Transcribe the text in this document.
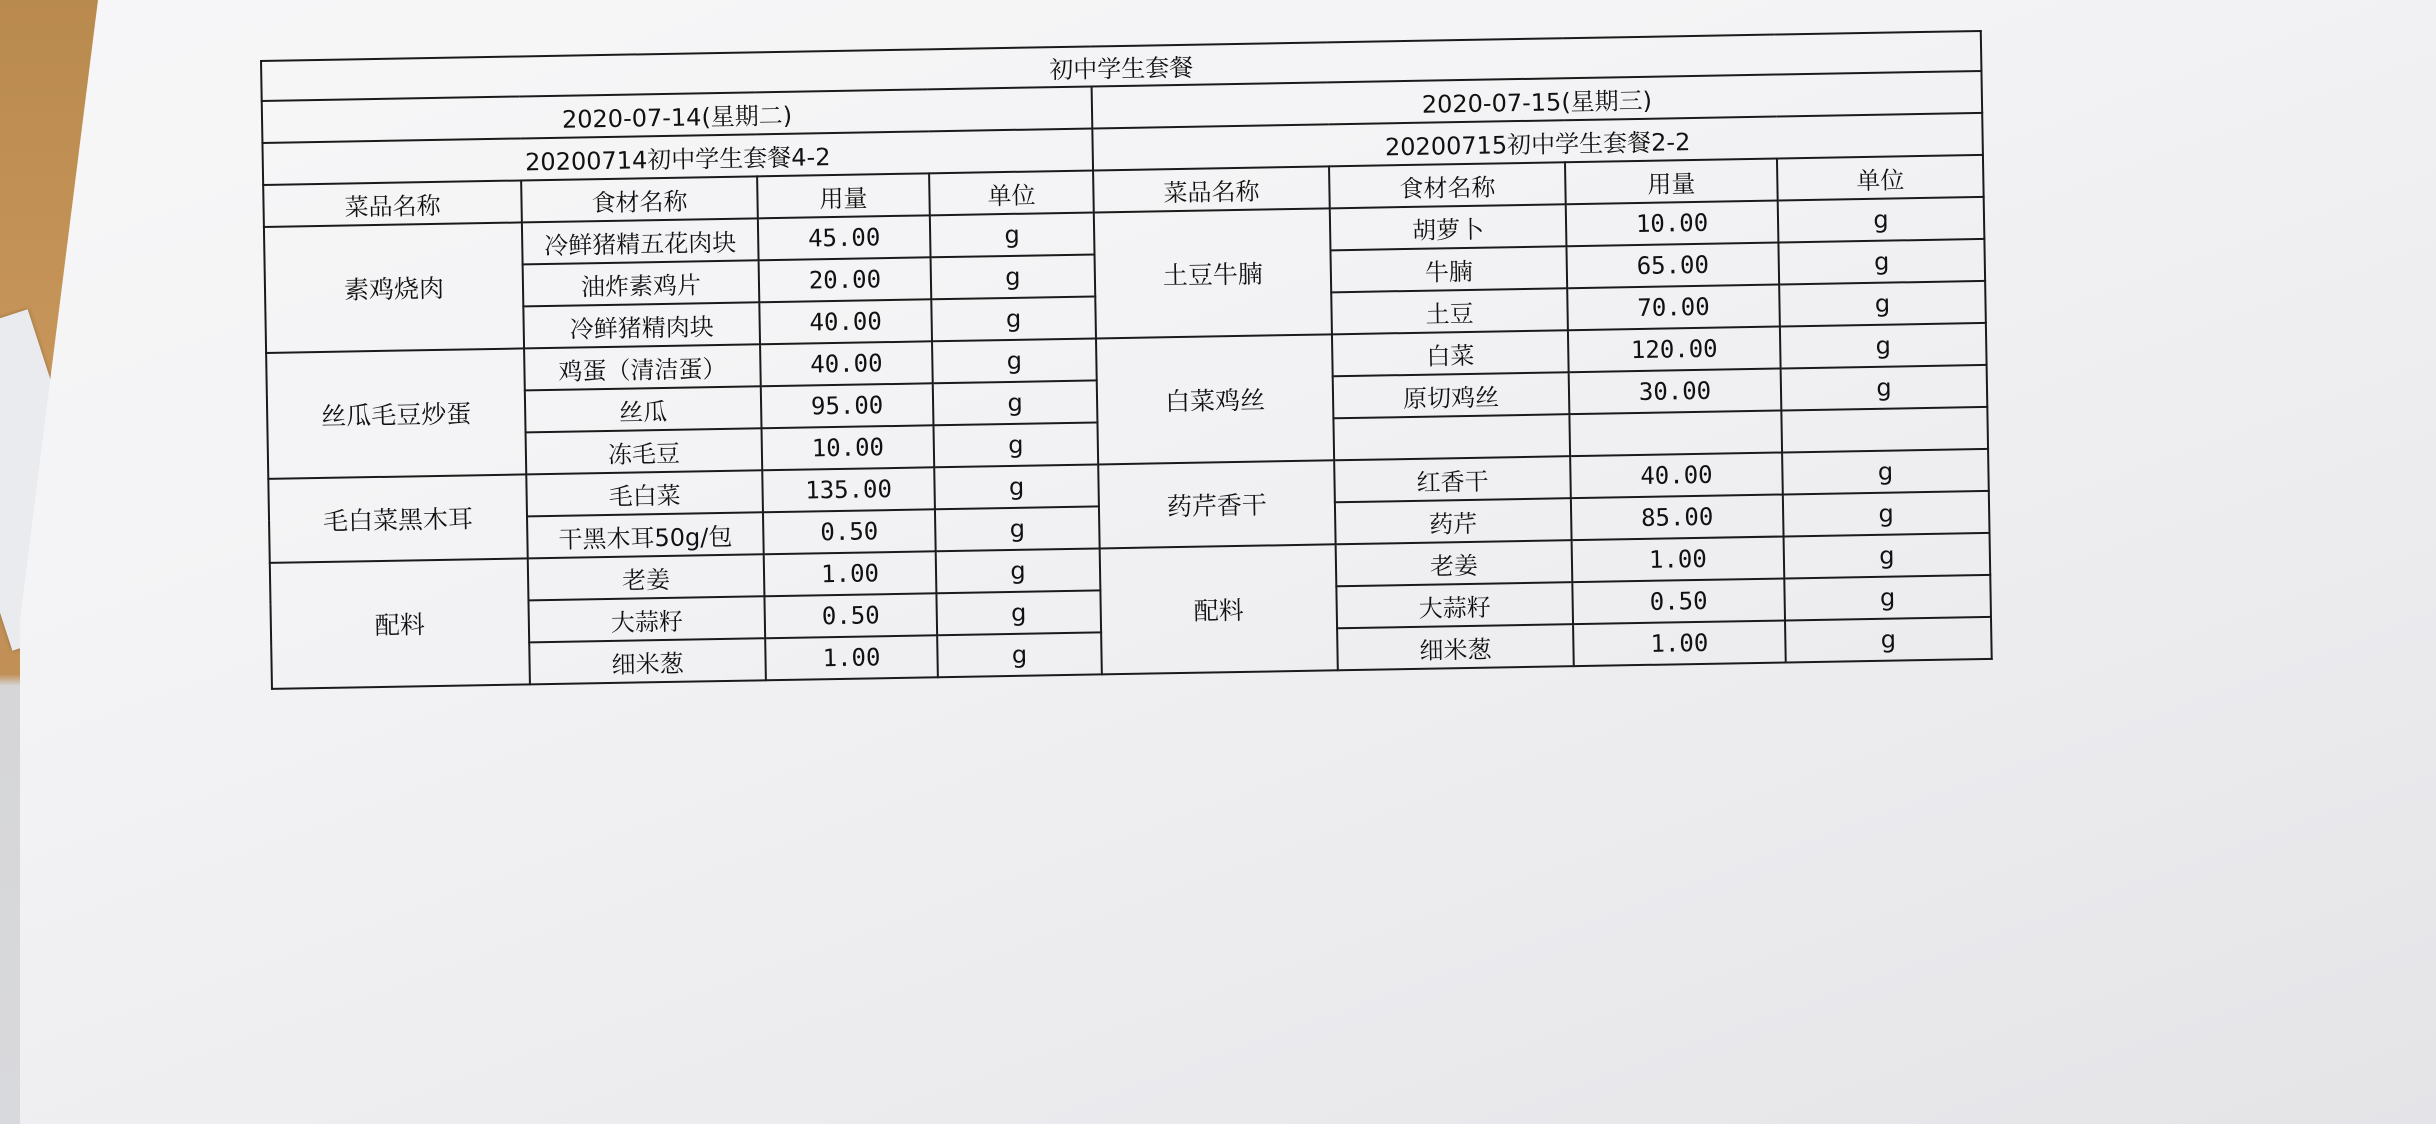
初中学生套餐							
2020-07-14(星期二)				2020-07-15(星期三)			
20200714初中学生套餐4-2				20200715初中学生套餐2-2			
菜品名称	食材名称	用量	单位	菜品名称	食材名称	用量	单位
素鸡烧肉	冷鲜猪精五花肉块	45.00	g	土豆牛腩	胡萝卜	10.00	g
	油炸素鸡片	20.00	g		牛腩	65.00	g
	冷鲜猪精肉块	40.00	g		土豆	70.00	g
丝瓜毛豆炒蛋	鸡蛋（清洁蛋）	40.00	g	白菜鸡丝	白菜	120.00	g
	丝瓜	95.00	g		原切鸡丝	30.00	g
	冻毛豆	10.00	g				
毛白菜黑木耳	毛白菜	135.00	g	药芹香干	红香干	40.00	g
	干黑木耳50g/包	0.50	g		药芹	85.00	g
配料	老姜	1.00	g	配料	老姜	1.00	g
	大蒜籽	0.50	g		大蒜籽	0.50	g
	细米葱	1.00	g		细米葱	1.00	g
